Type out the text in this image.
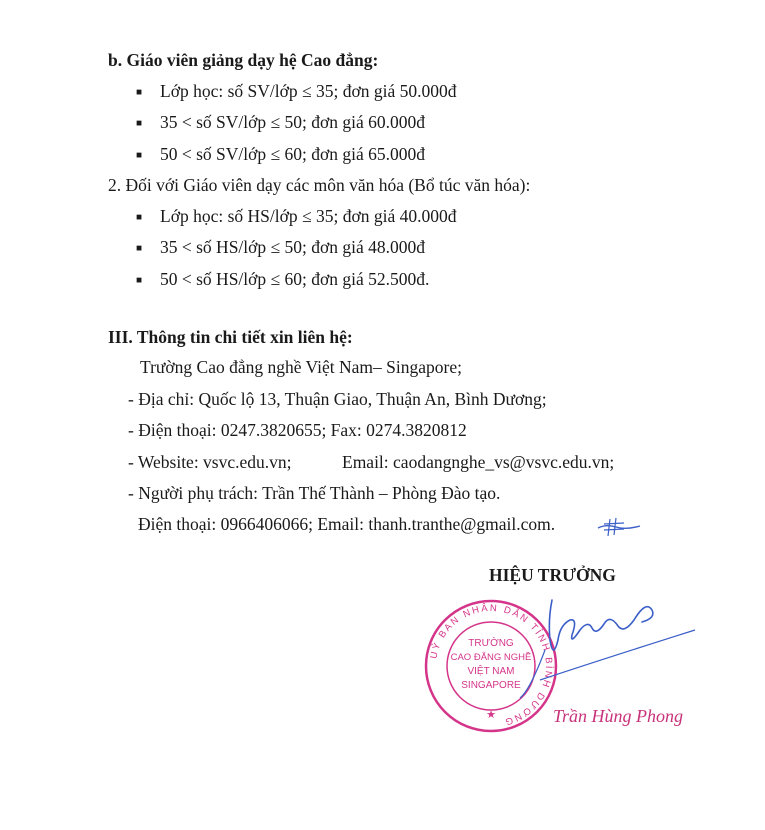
b. Giáo viên giảng dạy hệ Cao đẳng:
■
Lớp học: số SV/lớp ≤ 35; đơn giá 50.000đ
■
35 < số SV/lớp ≤ 50; đơn giá 60.000đ
■
50 < số SV/lớp ≤ 60; đơn giá 65.000đ
2. Đối với Giáo viên dạy các môn văn hóa (Bổ túc văn hóa):
■
Lớp học: số HS/lớp ≤ 35; đơn giá 40.000đ
■
35 < số HS/lớp ≤ 50; đơn giá 48.000đ
■
50 < số HS/lớp ≤ 60; đơn giá 52.500đ.
III. Thông tin chi tiết xin liên hệ:
Trường Cao đẳng nghề Việt Nam– Singapore;
- Địa chỉ: Quốc lộ 13, Thuận Giao, Thuận An, Bình Dương;
- Điện thoại: 0247.3820655; Fax: 0274.3820812
- Website: vsvc.edu.vn;	Email: caodangnghe_vs@vsvc.edu.vn;
- Người phụ trách: Trần Thế Thành – Phòng Đào tạo.
Điện thoại: 0966406066; Email: thanh.tranthe@gmail.com.
HIỆU TRƯỞNG
UỶ BAN NHÂN DÂN TỈNH BÌNH DƯƠNG
TRƯỜNG
CAO ĐẲNG NGHỀ
VIỆT NAM
SINGAPORE
★	Trần Hùng Phong
